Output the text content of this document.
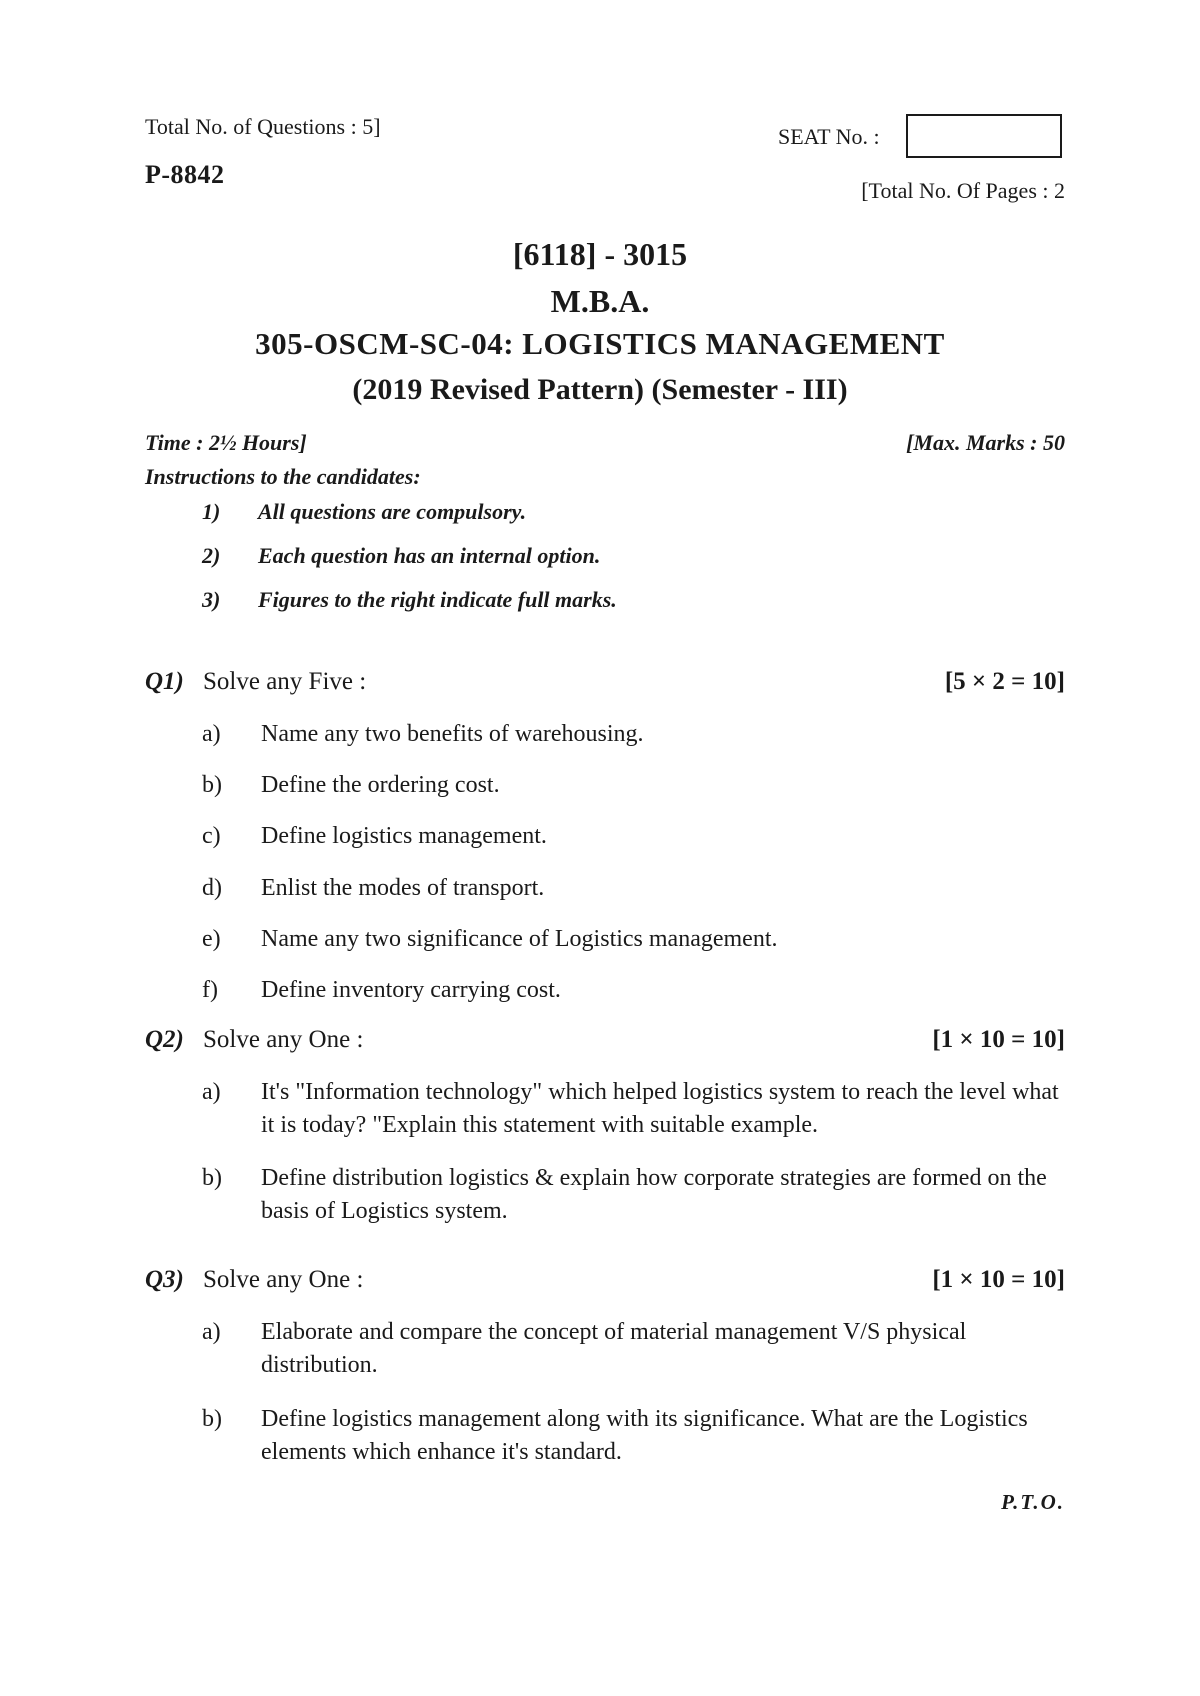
Total No. of Questions : 5]	SEAT No. :
P-8842
[Total No. Of Pages : 2
[6118] - 3015
M.B.A.
305-OSCM-SC-04: LOGISTICS MANAGEMENT
(2019 Revised Pattern) (Semester - III)
Time : 2½ Hours]	[Max. Marks : 50
Instructions to the candidates:
1) All questions are compulsory.
2) Each question has an internal option.
3) Figures to the right indicate full marks.
Q1) Solve any Five :	[5 × 2 = 10]
a) Name any two benefits of warehousing.
b) Define the ordering cost.
c) Define logistics management.
d) Enlist the modes of transport.
e) Name any two significance of Logistics management.
f) Define inventory carrying cost.
Q2) Solve any One :	[1 × 10 = 10]
a) It's "Information technology" which helped logistics system to reach the level what it is today? "Explain this statement with suitable example.
b) Define distribution logistics & explain how corporate strategies are formed on the basis of Logistics system.
Q3) Solve any One :	[1 × 10 = 10]
a) Elaborate and compare the concept of material management V/S physical distribution.
b) Define logistics management along with its significance. What are the Logistics elements which enhance it's standard.
P.T.O.
